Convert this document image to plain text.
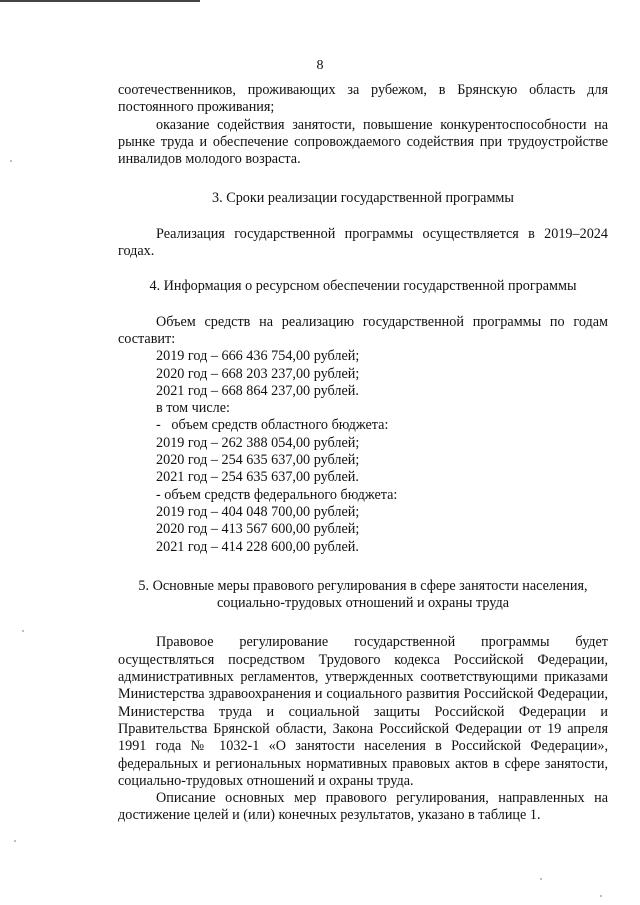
8

соотечественников, проживающих за рубежом, в Брянскую область для постоянного проживания;

оказание содействия занятости, повышение конкурентоспособности на рынке труда и обеспечение сопровождаемого содействия при трудоустройстве инвалидов молодого возраста.

3. Сроки реализации государственной программы

Реализация государственной программы осуществляется в 2019–2024 годах.

4. Информация о ресурсном обеспечении государственной программы

Объем средств на реализацию государственной программы по годам составит:

2019 год – 666 436 754,00 рублей;

2020 год – 668 203 237,00 рублей;

2021 год – 668 864 237,00 рублей.

в том числе:

-   объем средств областного бюджета:

2019 год – 262 388 054,00 рублей;

2020 год – 254 635 637,00 рублей;

2021 год – 254 635 637,00 рублей.

- объем средств федерального бюджета:

2019 год – 404 048 700,00 рублей;

2020 год – 413 567 600,00 рублей;

2021 год – 414 228 600,00 рублей.

5. Основные меры правового регулирования в сфере занятости населения,

социально-трудовых отношений и охраны труда

Правовое регулирование государственной программы будет осуществляться посредством Трудового кодекса Российской Федерации, административных регламентов, утвержденных соответствующими приказами Министерства здравоохранения и социального развития Российской Федерации, Министерства труда и социальной защиты Российской Федерации и Правительства Брянской области, Закона Российской Федерации от 19 апреля 1991 года № 1032-1 «О занятости населения в Российской Федерации», федеральных и региональных нормативных правовых актов в сфере занятости, социально-трудовых отношений и охраны труда.

Описание основных мер правового регулирования, направленных на достижение целей и (или) конечных результатов, указано в таблице 1.
